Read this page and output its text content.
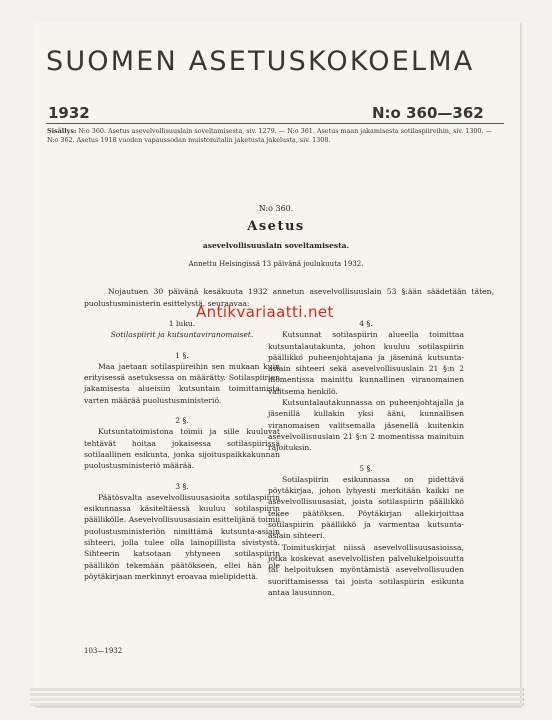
SUOMEN ASETUSKOKOELMA
1932	N:o 360—362
Sisällys: N:o 360. Asetus asevelvollisuuslain soveltamisesta, siv. 1279. — N:o 361. Asetus maan jakamisesta sotilaspiireihin, siv. 1300. — N:o 362. Asetus 1918 vuoden vapaussodan muistomitalin jaketusta jakelusta, siv. 1308.
N:o 360.
Asetus
asevelvollisuuslain soveltamisesta.
Annettu Helsingissä 13 päivänä joulukuuta 1932.
Nojautuen 30 päivänä kesäkuuta 1932 annetun asevelvollisuuslain 53 §:ään säädetään täten, puolustusministerin esittelystä, seuraavaa:
1 luku.
Sotilaspiirit ja kutsuntaviranomaiset.
1 §.

Maa jaetaan sotilaspiireihin sen mukaan kuin erityisessä asetuksessa on määrätty. Sotilaspiirien jakamisesta alueisiin kutsuntain toimittamista varten määrää puolustusministeriö.

2 §.

Kutsuntatoimistona toimii ja sille kuuluvat tehtävät hoitaa jokaisessa sotilaspiirissä sotilaallinen esikunta, jonka sijoituspaikkakunnan puolustusministeriö määrää.

3 §.

Päätösvalta asevelvollisuusasioita sotilaspiirin esikunnassa käsiteltäessä kuuluu sotilaspiirin päällikölle. Asevelvollisuusasiain esittelijänä toimii puolustusministeriön nimittämä kutsunta-asiain sihteeri, jolla tulee olla lainopillista sivistystä. Sihteerin katsotaan yhtyneen sotilaspiirin päällikön tekemään päätökseen, ellei hän ole pöytäkirjaan merkinnyt eroavaa mielipidettä.

4 §.

Kutsunnat sotilaspiirin alueella toimittaa kutsuntalautakunta, johon kuuluu sotilaspiirin päällikkö puheenjohtajana ja jäseninä kutsunta-asiain sihteeri sekä asevelvollisuuslain 21 §:n 2 momentissa mainittu kunnallinen viranomainen valitsema henkilö.

Kutsuntalautakunnassa on puheenjohtajalla ja jäsenillä kullakin yksi ääni, kunnallisen viranomaisen valitsemalla jäsenellä kuitenkin asevelvollisuuslain 21 §:n 2 momentissa mainituin rajoituksin.

5 §.

Sotilaspiirin esikunnassa on pidettävä pöytäkirjaa, johon lyhyesti merkitään kaikki ne asevelvollisuusasiat, joista sotilaspiirin päällikkö tekee päätöksen. Pöytäkirjan allekirjoittaa sotilaspiirin päällikkö ja varmentaa kutsunta-asiain sihteeri.

Toimituskirjat niissä asevelvollisuusasioissa, jotka koskevat asevelvollisten palvelukelpoisuutta tai helpoituksen myöntämistä asevelvollisuuden suorittamisessa tai joista sotilaspiirin esikunta antaa lausunnon,

Antikvariaatti.net
103—1932
